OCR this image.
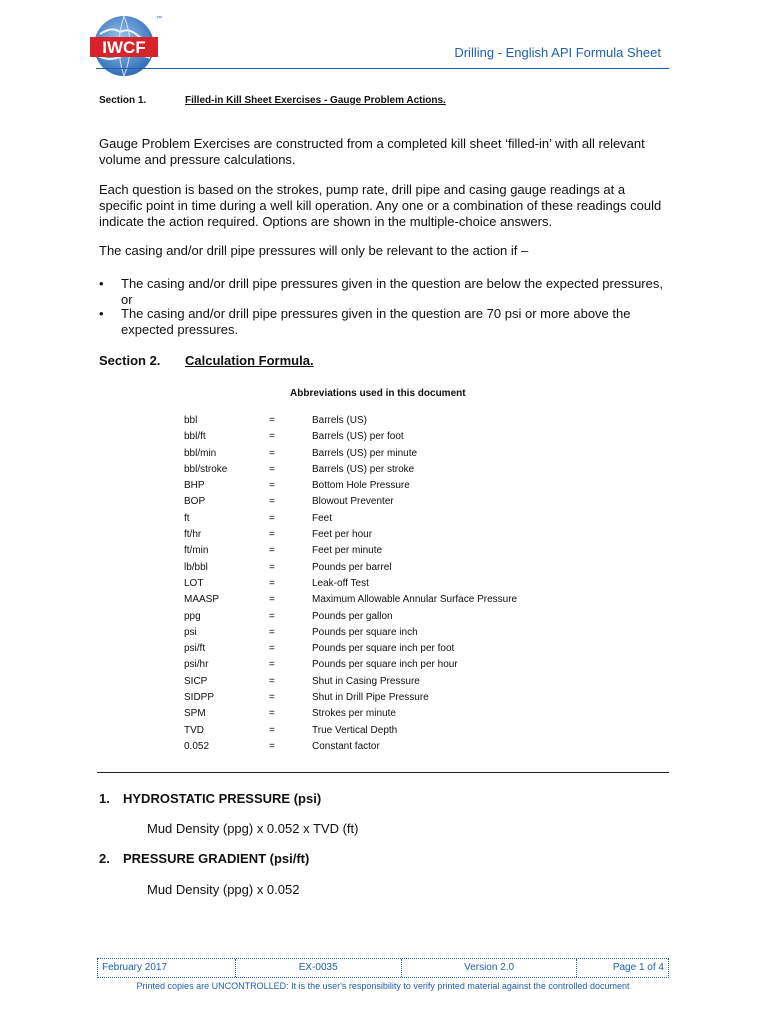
IWCF
™
Drilling - English API Formula Sheet
Section 1.	Filled-in Kill Sheet Exercises - Gauge Problem Actions.

Gauge Problem Exercises are constructed from a completed kill sheet ‘filled-in’ with all relevant volume and pressure calculations.

Each question is based on the strokes, pump rate, drill pipe and casing gauge readings at a specific point in time during a well kill operation. Any one or a combination of these readings could indicate the action required. Options are shown in the multiple-choice answers.

The casing and/or drill pipe pressures will only be relevant to the action if –

• The casing and/or drill pipe pressures given in the question are below the expected pressures, or
• The casing and/or drill pipe pressures given in the question are 70 psi or more above the expected pressures.
Section 2. Calculation Formula.
Abbreviations used in this document
bbl	=	Barrels (US)
bbl/ft	=	Barrels (US) per foot
bbl/min	=	Barrels (US) per minute
bbl/stroke	=	Barrels (US) per stroke
BHP	=	Bottom Hole Pressure
BOP	=	Blowout Preventer
ft	=	Feet
ft/hr	=	Feet per hour
ft/min	=	Feet per minute
lb/bbl	=	Pounds per barrel
LOT	=	Leak-off Test
MAASP	=	Maximum Allowable Annular Surface Pressure
ppg	=	Pounds per gallon
psi	=	Pounds per square inch
psi/ft	=	Pounds per square inch per foot
psi/hr	=	Pounds per square inch per hour
SICP	=	Shut in Casing Pressure
SIDPP	=	Shut in Drill Pipe Pressure
SPM	=	Strokes per minute
TVD	=	True Vertical Depth
0.052	=	Constant factor
1. HYDROSTATIC PRESSURE (psi)
Mud Density (ppg) x 0.052 x TVD (ft)
2. PRESSURE GRADIENT (psi/ft)
Mud Density (ppg) x 0.052
February 2017	EX-0035	Version 2.0	Page 1 of 4
Printed copies are UNCONTROLLED: It is the user's responsibility to verify printed material against the controlled document
